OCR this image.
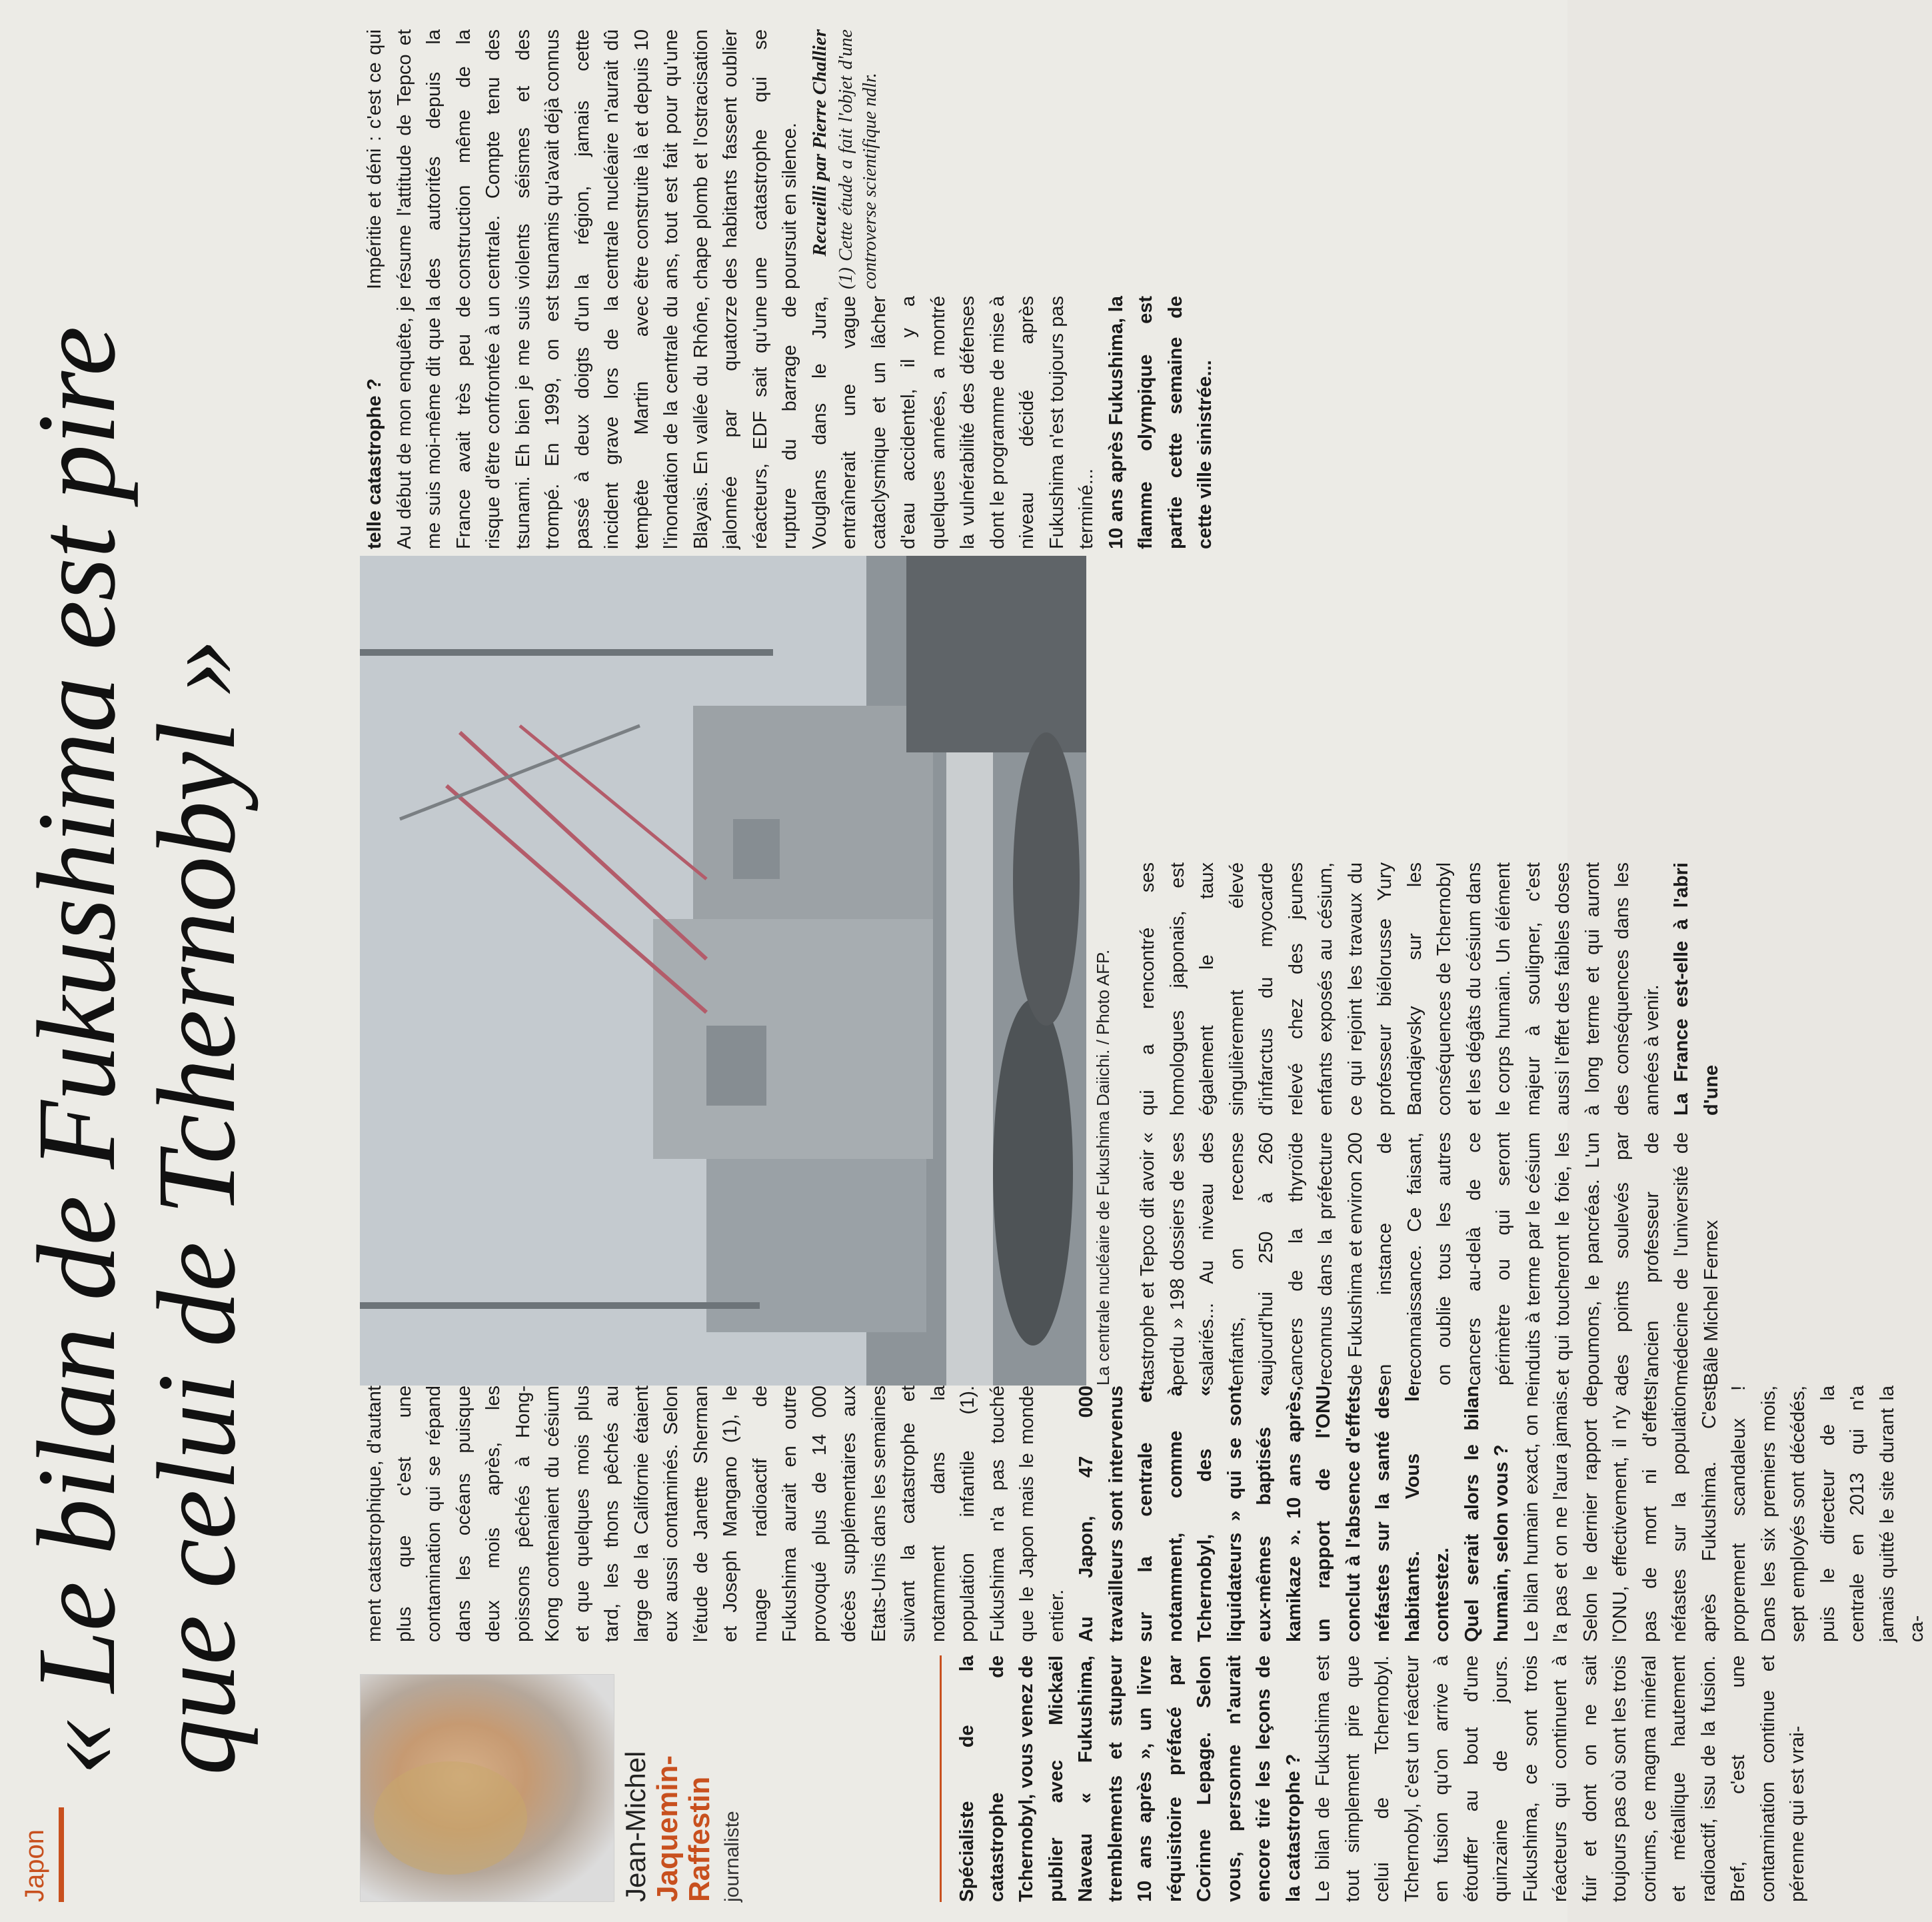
Japon
« Le bilan de Fukushima est pire
que celui de Tchernobyl »
Jean-Michel Jaquemin- Raffestin journaliste	Spécialiste de la catastrophe de Tchernobyl, vous venez de publier avec Mickaël Naveau « Fukushima, tremblements et stupeur 10 ans après », un livre réquisitoire préfacé par Corinne Lepage. Selon vous, personne n'aurait encore tiré les leçons de la catastrophe ? Le bilan de Fukushima est tout simplement pire que celui de Tchernobyl. Tchernobyl, c'est un réacteur en fusion qu'on arrive à étouffer au bout d'une quinzaine de jours. Fukushima, ce sont trois réacteurs qui continuent à fuir et dont on ne sait toujours pas où sont les trois coriums, ce magma minéral et métallique hautement radioactif, issu de la fusion. Bref, c'est une contamination continue et pérenne qui est vrai-

ment catastrophique, d'autant plus que c'est une contamination qui se répand dans les océans puisque deux mois après, les poissons pêchés à Hong-Kong contenaient du césium et que quelques mois plus tard, les thons pêchés au large de la Californie étaient eux aussi contaminés. Selon l'étude de Janette Sherman et Joseph Mangano (1), le nuage radioactif de Fukushima aurait en outre provoqué plus de 14 000 décès supplémentaires aux Etats-Unis dans les semaines suivant la catastrophe et notamment dans la population infantile (1). Fukushima n'a pas touché que le Japon mais le monde entier. Au Japon, 47 000 travailleurs sont intervenus sur la centrale et notamment, comme à Tchernobyl, des « liquidateurs » qui se sont eux-mêmes baptisés « kamikaze ». 10 ans après, un rapport de l'ONU conclut à l'absence d'effets néfastes sur la santé des habitants. Vous le contestez. Quel serait alors le bilan humain, selon vous ? Le bilan humain exact, on ne l'a pas et on ne l'aura jamais. Selon le dernier rapport de l'ONU, effectivement, il n'y a pas de mort ni d'effets néfastes sur la population après Fukushima. C'est proprement scandaleux ! Dans les six premiers mois, sept employés sont décédés, puis le directeur de la centrale en 2013 qui n'a jamais quitté le site durant la ca-

La centrale nucléaire de Fukushima Daiichi. / Photo AFP.

tastrophe et Tepco dit avoir « perdu » 198 dossiers de ses salariés... Au niveau des enfants, on recense aujourd'hui 250 à 260 cancers de la thyroïde reconnus dans la préfecture de Fukushima et environ 200 en instance de reconnaissance. Ce faisant, on oublie tous les autres cancers au-delà de ce périmètre ou qui seront induits à terme par le césium et qui toucheront le foie, les poumons, le pancréas. L'un des points soulevés par l'ancien professeur de médecine de l'université de Bâle Michel Fernex

qui a rencontré ses homologues japonais, est également le taux singulièrement élevé d'infarctus du myocarde relevé chez des jeunes enfants exposés au césium, ce qui rejoint les travaux du professeur biélorusse Yury Bandajevsky sur les conséquences de Tchernobyl et les dégâts du césium dans le corps humain. Un élément majeur à souligner, c'est aussi l'effet des faibles doses à long terme et qui auront des conséquences dans les années à venir. La France est-elle à l'abri d'une

telle catastrophe ? Au début de mon enquête, je me suis moi-même dit que la France avait très peu de risque d'être confrontée à un tsunami. Eh bien je me suis trompé. En 1999, on est passé à deux doigts d'un incident grave lors de la tempête Martin avec l'inondation de la centrale du Blayais. En vallée du Rhône, jalonnée par quatorze réacteurs, EDF sait qu'une rupture du barrage de Vouglans dans le Jura, entraînerait une vague cataclysmique et un lâcher d'eau accidentel, il y a quelques années, a montré la vulnérabilité des défenses dont le programme de mise à niveau décidé après Fukushima n'est toujours pas terminé... 10 ans après Fukushima, la flamme olympique est partie cette semaine de cette ville sinistrée...

Impéritie et déni : c'est ce qui résume l'attitude de Tepco et des autorités depuis la construction même de la centrale. Compte tenu des violents séismes et des tsunamis qu'avait déjà connus la région, jamais cette centrale nucléaire n'aurait dû être construite là et depuis 10 ans, tout est fait pour qu'une chape plomb et l'ostracisation des habitants fassent oublier une catastrophe qui se poursuit en silence. Recueilli par Pierre Challier (1) Cette étude a fait l'objet d'une controverse scientifique ndlr.
